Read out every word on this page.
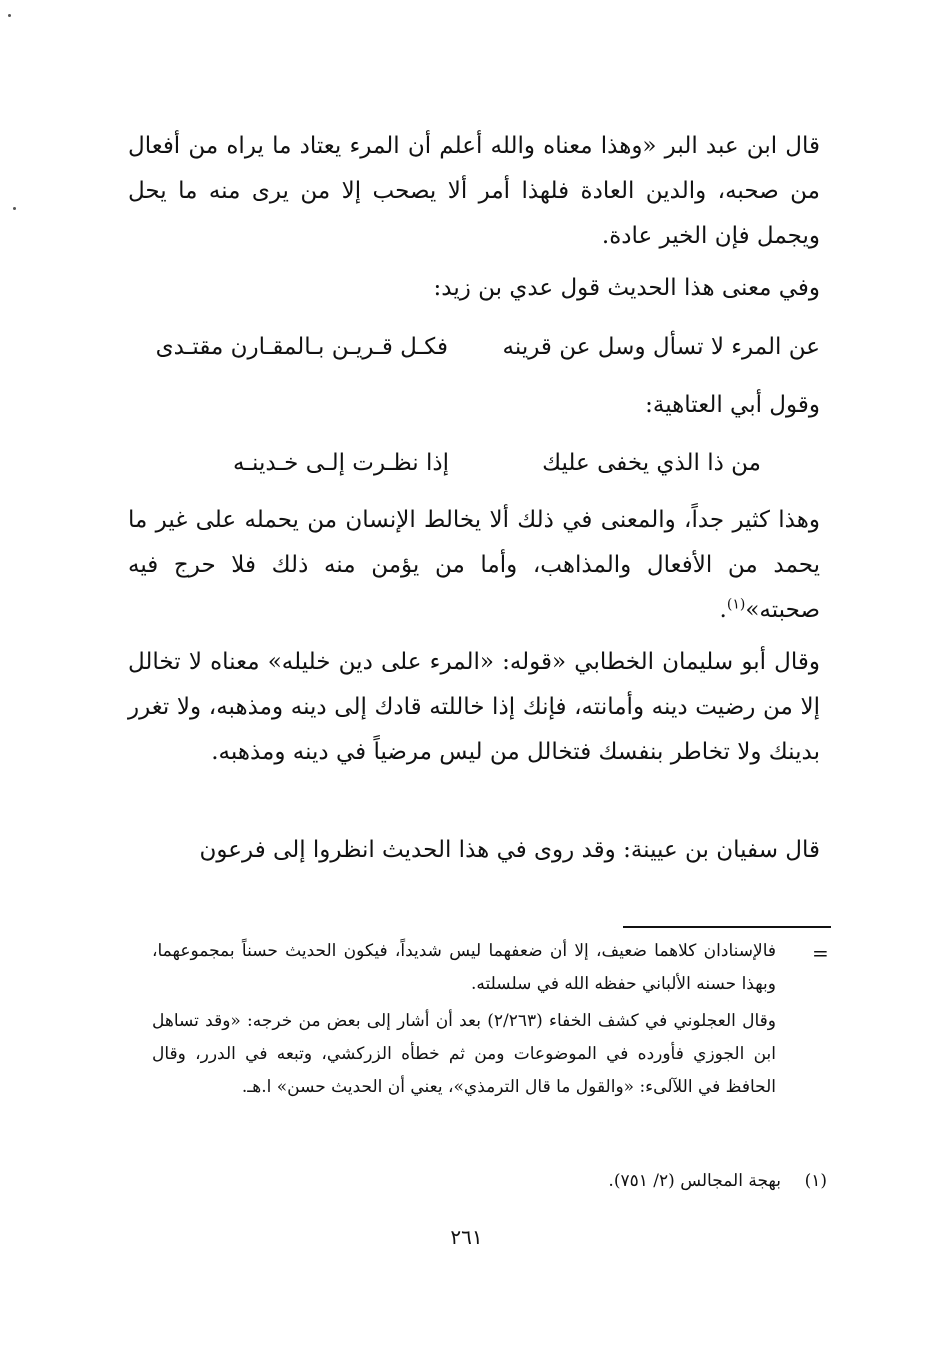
قال ابن عبد البر «وهذا معناه والله أعلم أن المرء يعتاد ما يراه من أفعال من صحبه، والدين العادة فلهذا أمر ألا يصحب إلا من يرى منه ما يحل ويجمل فإن الخير عادة.
وفي معنى هذا الحديث قول عدي بن زيد:
عن المرء لا تسأل وسل عن قرينه
فكـل قـريـن بـالمقـارن مقتـدى
وقول أبي العتاهية:
من ذا الذي يخفى عليك
إذا نظـرت إلـى خـدينـه
وهذا كثير جداً، والمعنى في ذلك ألا يخالط الإنسان من يحمله على غير ما يحمد من الأفعال والمذاهب، وأما من يؤمن منه ذلك فلا حرج فيه صحبته»$^{(١)}$.
وقال أبو سليمان الخطابي «قوله: «المرء على دين خليله» معناه لا تخالل إلا من رضيت دينه وأمانته، فإنك إذا خاللته قادك إلى دينه ومذهبه، ولا تغرر بدينك ولا تخاطر بنفسك فتخالل من ليس مرضياً في دينه ومذهبه.
قال سفيان بن عيينة: وقد روى في هذا الحديث انظروا إلى فرعون
=
فالإسنادان كلاهما ضعيف، إلا أن ضعفهما ليس شديداً، فيكون الحديث حسناً بمجموعهما، وبهذا حسنه الألباني حفظه الله في سلسلته.
وقال العجلوني في كشف الخفاء (٢/٢٦٣) بعد أن أشار إلى بعض من خرجه: «وقد تساهل ابن الجوزي فأورده في الموضوعات ومن ثم خطأه الزركشي، وتبعه في الدرر، وقال الحافظ في اللآلىء: «والقول ما قال الترمذي»، يعني أن الحديث حسن» ا.هـ.
(١)بهجة المجالس (٢/ ٧٥١).
٢٦١
